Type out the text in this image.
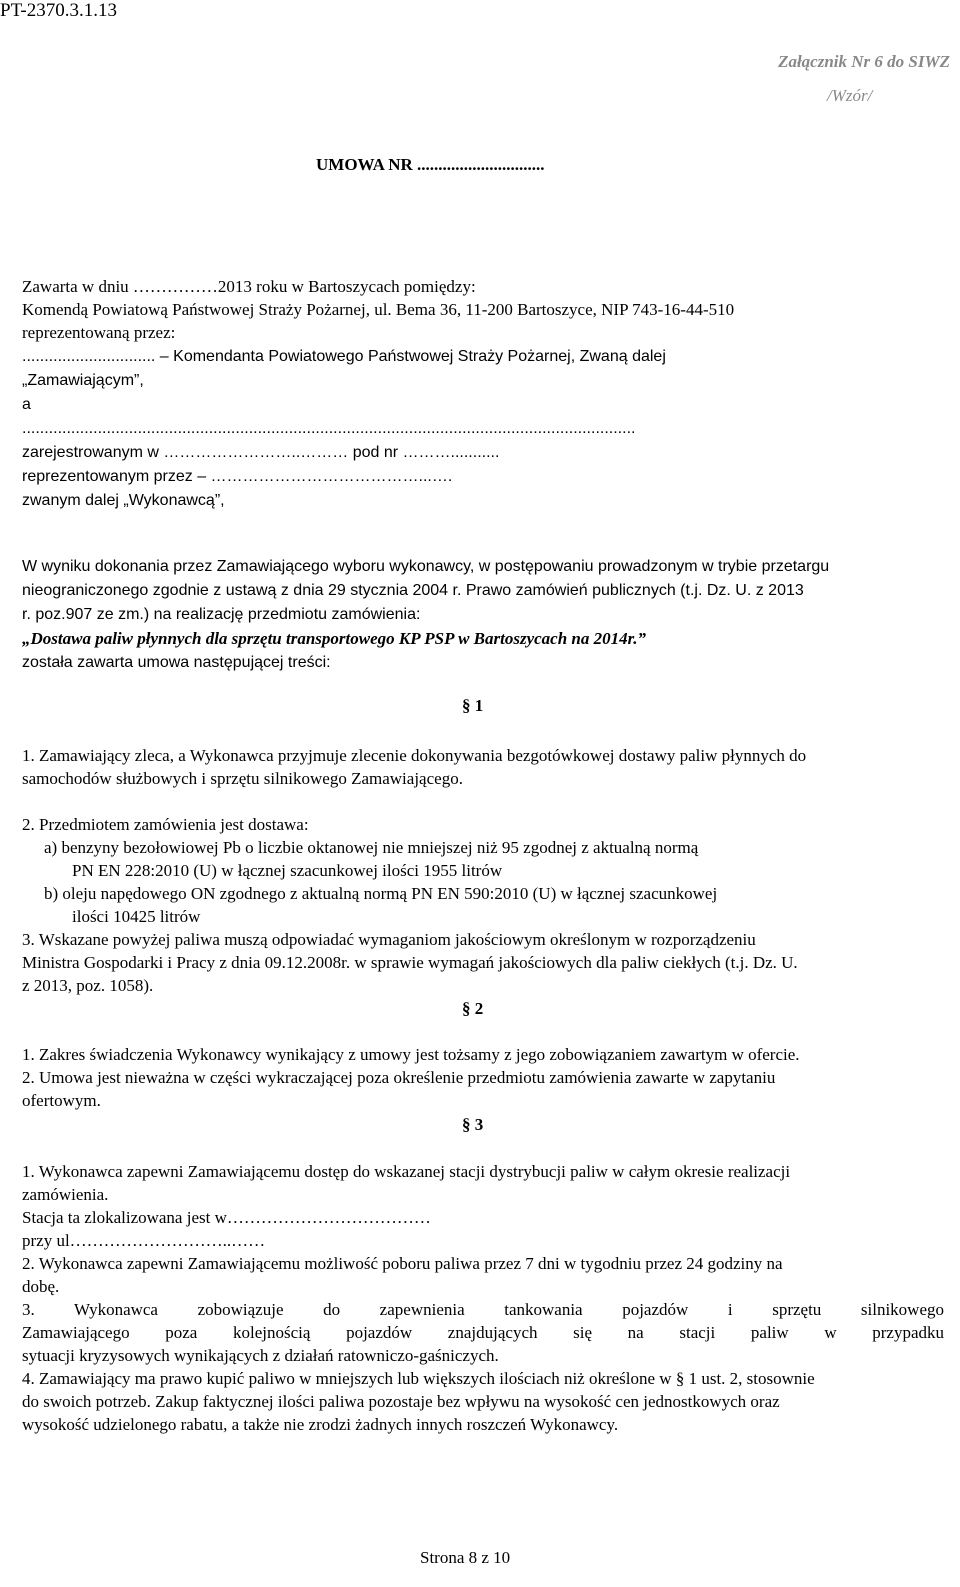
PT-2370.3.1.13
Załącznik Nr 6 do SIWZ
/Wzór/
UMOWA NR ..............................
Zawarta w dniu ……………2013 roku w Bartoszycach pomiędzy:
Komendą Powiatową Państwowej Straży Pożarnej, ul. Bema 36, 11-200 Bartoszyce, NIP 743-16-44-510
reprezentowaną przez:
.............................. – Komendanta Powiatowego Państwowej Straży Pożarnej, Zwaną dalej
„Zamawiającym”,
a
..........................................................................................................................................
zarejestrowanym w ……………………..……… pod nr ………...........
reprezentowanym przez – …………………………………...….
zwanym dalej „Wykonawcą”,
W wyniku dokonania przez Zamawiającego wyboru wykonawcy, w postępowaniu prowadzonym w trybie przetargu
nieograniczonego zgodnie z ustawą z dnia 29 stycznia 2004 r. Prawo zamówień publicznych (t.j. Dz. U. z 2013
r. poz.907 ze zm.) na realizację przedmiotu zamówienia:
„Dostawa paliw płynnych dla sprzętu transportowego KP PSP w Bartoszycach na 2014r.”
została zawarta umowa następującej treści:
§ 1
1. Zamawiający zleca, a Wykonawca przyjmuje zlecenie dokonywania bezgotówkowej dostawy paliw płynnych do
samochodów służbowych i sprzętu silnikowego Zamawiającego.
2. Przedmiotem zamówienia jest dostawa:
a) benzyny bezołowiowej Pb o liczbie oktanowej nie mniejszej niż 95 zgodnej z aktualną normą
PN EN 228:2010 (U) w łącznej szacunkowej ilości 1955 litrów
b) oleju napędowego ON zgodnego z aktualną normą PN EN 590:2010 (U) w łącznej szacunkowej
ilości 10425 litrów
3. Wskazane powyżej paliwa muszą odpowiadać wymaganiom jakościowym określonym w rozporządzeniu
Ministra Gospodarki i Pracy z dnia 09.12.2008r. w sprawie wymagań jakościowych dla paliw ciekłych (t.j. Dz. U.
z 2013, poz. 1058).
§ 2
1. Zakres świadczenia Wykonawcy wynikający z umowy jest tożsamy z jego zobowiązaniem zawartym w ofercie.
2. Umowa jest nieważna w części wykraczającej poza określenie przedmiotu zamówienia zawarte w zapytaniu
ofertowym.
§ 3
1. Wykonawca zapewni Zamawiającemu dostęp do wskazanej stacji dystrybucji paliw w całym okresie realizacji
zamówienia.
Stacja ta zlokalizowana jest w………………………………
przy ul………………………..……
2. Wykonawca zapewni Zamawiającemu możliwość poboru paliwa przez 7 dni w tygodniu przez 24 godziny na
dobę.
3. Wykonawca zobowiązuje do zapewnienia tankowania pojazdów i sprzętu silnikowego
Zamawiającego poza kolejnością pojazdów znajdujących się na stacji paliw w przypadku
sytuacji kryzysowych wynikających z działań ratowniczo-gaśniczych.
4. Zamawiający ma prawo kupić paliwo w mniejszych lub większych ilościach niż określone w § 1 ust. 2, stosownie
do swoich potrzeb. Zakup faktycznej ilości paliwa pozostaje bez wpływu na wysokość cen jednostkowych oraz
wysokość udzielonego rabatu, a także nie zrodzi żadnych innych roszczeń Wykonawcy.
Strona 8 z 10
